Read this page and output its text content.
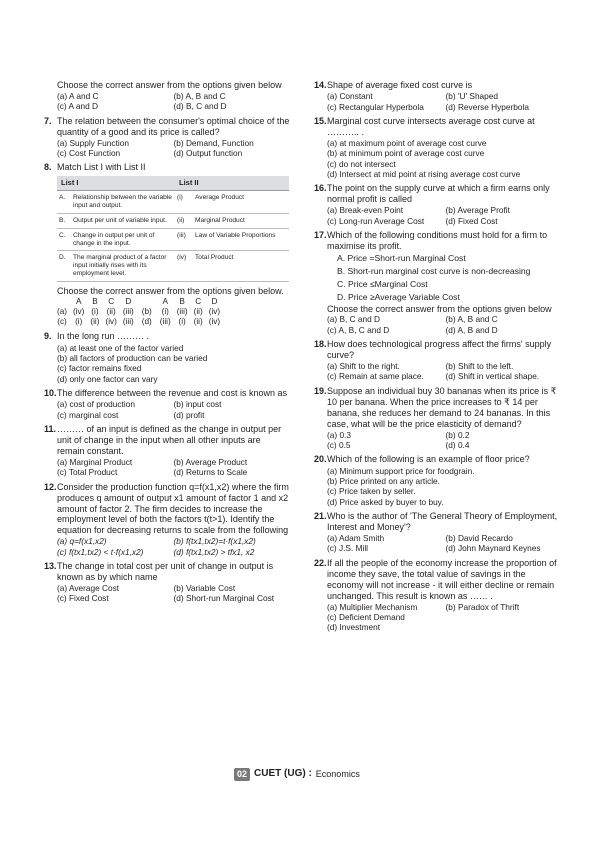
Choose the correct answer from the options given below
(a) A and C	(b) A, B and C
(c) A and D	(d) B, C and D
7. The relation between the consumer's optimal choice of the quantity of a good and its price is called?
(a) Supply Function	(b) Demand, Function
(c) Cost Function	(d) Output function
8. Match List I with List II
List I		List II	
A.	Relationship between the variable input and output.	(i)	Average Product
B.	Output per unit of variable input.	(ii)	Marginal Product
C.	Change in output per unit of change in the input.	(iii)	Law of Variable Proportions
D.	The marginal product of a factor input initially rises with its employment level.	(iv)	Total Product
Choose the correct answer from the options given below.
	A	B	C	D		A	B	C	D
(a)	(iv)	(i)	(ii)	(iii)	(b)	(i)	(iii)	(ii)	(iv)
(c)	(i)	(ii)	(iv)	(iii)	(d)	(iii)	(i)	(ii)	(iv)
9. In the long run ……… .
(a) at least one of the factor varied
(b) all factors of production can be varied
(c) factor remains fixed
(d) only one factor can vary
10. The difference between the revenue and cost is known as
(a) cost of production	(b) input cost
(c) marginal cost	(d) profit
11. ……… of an input is defined as the change in output per unit of change in the input when all other inputs are remain constant.
(a) Marginal Product	(b) Average Product
(c) Total Product	(d) Returns to Scale
12. Consider the production function q=f(x1,x2) where the firm produces q amount of output x1 amount of factor 1 and x2 amount of factor 2. The firm decides to increase the employment level of both the factors t(t>1). Identify the equation for decreasing returns to scale from the following
(a) q=f(x1,x2)	(b) f(tx1,tx2)=t·f(x1,x2)
(c) f(tx1,tx2) < t·f(x1,x2)	(d) f(tx1,tx2) > tfx1, x2
13. The change in total cost per unit of change in output is known as by which name
(a) Average Cost	(b) Variable Cost
(c) Fixed Cost	(d) Short-run Marginal Cost
14. Shape of average fixed cost curve is
(a) Constant	(b) 'U' Shaped
(c) Rectangular Hyperbola	(d) Reverse Hyperbola
15. Marginal cost curve intersects average cost curve at ……….. .
(a) at maximum point of average cost curve
(b) at minimum point of average cost curve
(c) do not intersect
(d) Intersect at mid point at rising average cost curve
16. The point on the supply curve at which a firm earns only normal profit is called
(a) Break-even Point	(b) Average Profit
(c) Long-run Average Cost	(d) Fixed Cost
17. Which of the following conditions must hold for a firm to maximise its profit.
A. Price =Short-run Marginal Cost
B. Short-run marginal cost curve is non-decreasing
C. Price ≤Marginal Cost
D. Price ≥Average Variable Cost
Choose the correct answer from the options given below
(a) B, C and D	(b) A, B and C
(c) A, B, C and D	(d) A, B and D
18. How does technological progress affect the firms' supply curve?
(a) Shift to the right.	(b) Shift to the left.
(c) Remain at same place.	(d) Shift in vertical shape.
19. Suppose an individual buy 30 bananas when its price is ₹ 10 per banana. When the price increases to ₹ 14 per banana, she reduces her demand to 24 bananas. In this case, what will be the price elasticity of demand?
(a) 0.3	(b) 0.2
(c) 0.5	(d) 0.4
20. Which of the following is an example of floor price?
(a) Minimum support price for foodgrain.
(b) Price printed on any article.
(c) Price taken by seller.
(d) Price asked by buyer to buy.
21. Who is the author of 'The General Theory of Employment, Interest and Money'?
(a) Adam Smith	(b) David Recardo
(c) J.S. Mill	(d) John Maynard Keynes
22. If all the people of the economy increase the proportion of income they save, the total value of savings in the economy will not increase - it will either decline or remain unchanged. This result is known as …… .
(a) Multiplier Mechanism	(b) Paradox of Thrift
(c) Deficient Demand
(d) Investment
02 CUET (UG) : Economics
